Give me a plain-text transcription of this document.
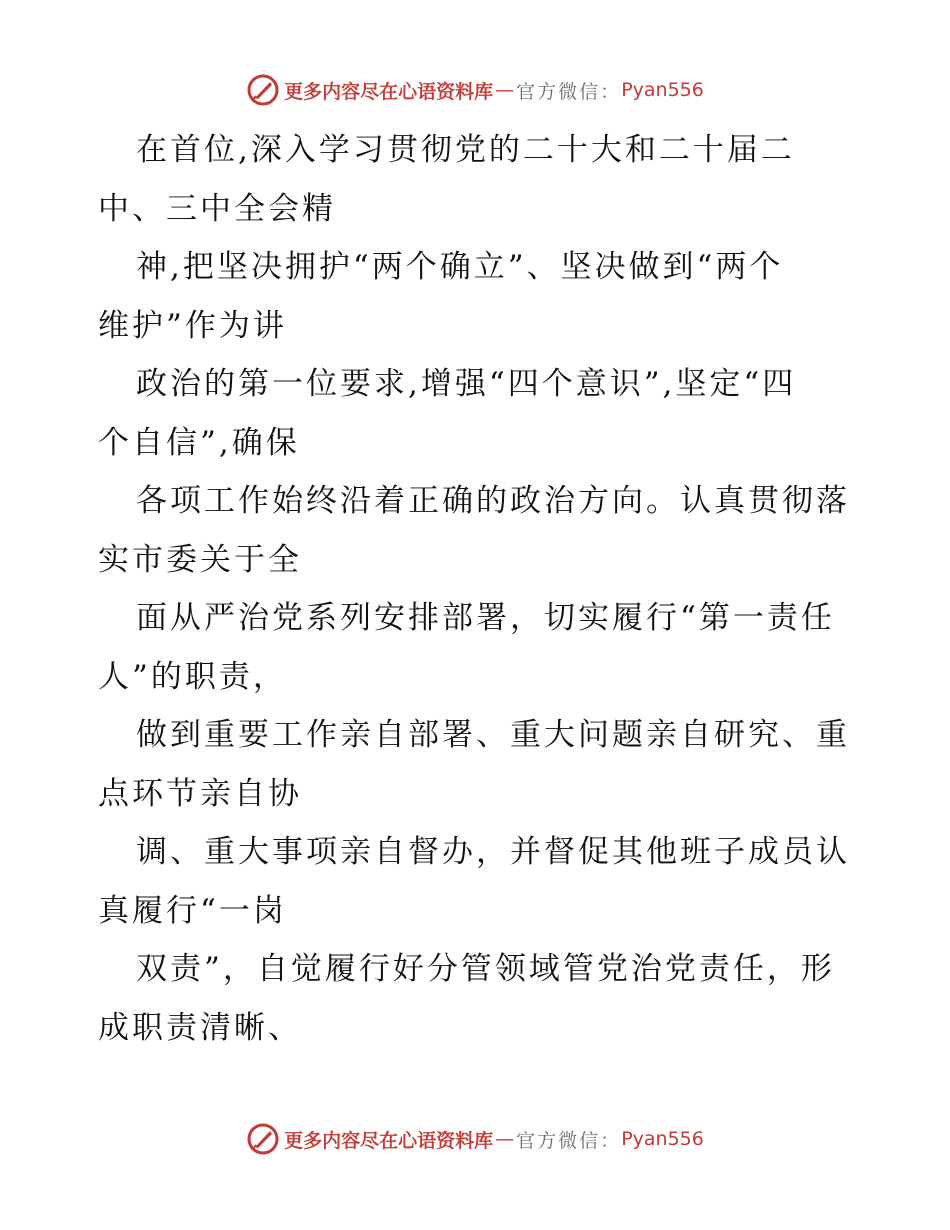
更多内容尽在心语资料库 — 官方微信： Pyan556
在首位,深入学习贯彻党的二十大和二十届二
中、三中全会精
神,把坚决拥护“两个确立”、坚决做到“两个
维护”作为讲
政治的第一位要求,增强“四个意识”,坚定“四
个自信”,确保
各项工作始终沿着正确的政治方向。认真贯彻落
实市委关于全
面从严治党系列安排部署，切实履行“第一责任
人”的职责，
做到重要工作亲自部署、重大问题亲自研究、重
点环节亲自协
调、重大事项亲自督办，并督促其他班子成员认
真履行“一岗
双责”，自觉履行好分管领域管党治党责任，形
成职责清晰、
更多内容尽在心语资料库 — 官方微信： Pyan556
